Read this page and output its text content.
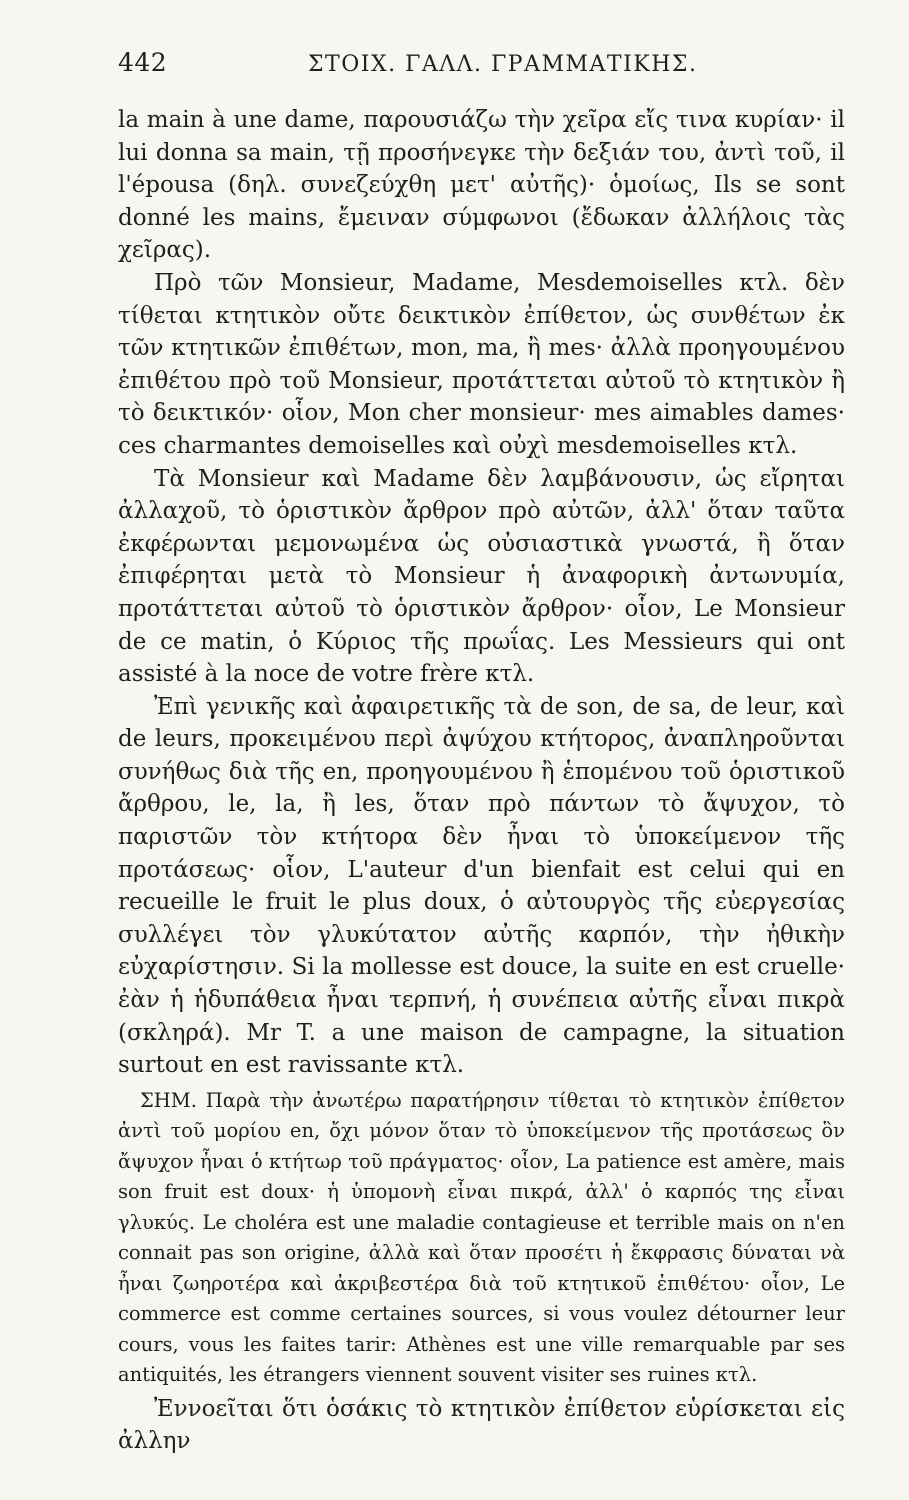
442	ΣΤΟΙΧ. ΓΑΛΛ. ΓΡΑΜΜΑΤΙΚΗΣ.

la main à une dame, παρουσιάζω τὴν χεῖρα εἴς τινα κυρίαν· il lui donna sa main, τῇ προσήνεγκε τὴν δεξιάν του, ἀντὶ τοῦ, il l'épousa (δηλ. συνεζεύχθη μετ' αὐτῆς)· ὁμοίως, Ils se sont donné les mains, ἔμειναν σύμφωνοι (ἔδωκαν ἀλλήλοις τὰς χεῖρας).

Πρὸ τῶν Monsieur, Madame, Mesdemoiselles κτλ. δὲν τίθεται κτητικὸν οὔτε δεικτικὸν ἐπίθετον, ὡς συνθέτων ἐκ τῶν κτητικῶν ἐπιθέτων, mon, ma, ἢ mes· ἀλλὰ προηγουμένου ἐπιθέτου πρὸ τοῦ Monsieur, προτάττεται αὐτοῦ τὸ κτητικὸν ἢ τὸ δεικτικόν· οἷον, Mon cher monsieur· mes aimables dames· ces charmantes demoiselles καὶ οὐχὶ mesdemoiselles κτλ.

Τὰ Monsieur καὶ Madame δὲν λαμβάνουσιν, ὡς εἴρηται ἀλλαχοῦ, τὸ ὁριστικὸν ἄρθρον πρὸ αὐτῶν, ἀλλ' ὅταν ταῦτα ἐκφέρωνται μεμονωμένα ὡς οὐσιαστικὰ γνωστά, ἢ ὅταν ἐπιφέρηται μετὰ τὸ Monsieur ἡ ἀναφορικὴ ἀντωνυμία, προτάττεται αὐτοῦ τὸ ὁριστικὸν ἄρθρον· οἷον, Le Monsieur de ce matin, ὁ Κύριος τῆς πρωΐας. Les Messieurs qui ont assisté à la noce de votre frère κτλ.

Ἐπὶ γενικῆς καὶ ἀφαιρετικῆς τὰ de son, de sa, de leur, καὶ de leurs, προκειμένου περὶ ἀψύχου κτήτορος, ἀναπληροῦνται συνήθως διὰ τῆς en, προηγουμένου ἢ ἑπομένου τοῦ ὁριστικοῦ ἄρθρου, le, la, ἢ les, ὅταν πρὸ πάντων τὸ ἄψυχον, τὸ παριστῶν τὸν κτήτορα δὲν ἦναι τὸ ὑποκείμενον τῆς προτάσεως· οἷον, L'auteur d'un bienfait est celui qui en recueille le fruit le plus doux, ὁ αὐτουργὸς τῆς εὐεργεσίας συλλέγει τὸν γλυκύτατον αὐτῆς καρπόν, τὴν ἠθικὴν εὐχαρίστησιν. Si la mollesse est douce, la suite en est cruelle· ἐὰν ἡ ἡδυπάθεια ἦναι τερπνή, ἡ συνέπεια αὐτῆς εἶναι πικρὰ (σκληρά). Mr T. a une maison de campagne, la situation surtout en est ravissante κτλ.

ΣΗΜ. Παρὰ τὴν ἀνωτέρω παρατήρησιν τίθεται τὸ κτητικὸν ἐπίθετον ἀντὶ τοῦ μορίου en, ὄχι μόνον ὅταν τὸ ὑποκείμενον τῆς προτάσεως ὃν ἄψυχον ἦναι ὁ κτήτωρ τοῦ πράγματος· οἷον, La patience est amère, mais son fruit est doux· ἡ ὑπομονὴ εἶναι πικρά, ἀλλ' ὁ καρπός της εἶναι γλυκύς. Le choléra est une maladie contagieuse et terrible mais on n'en connait pas son origine, ἀλλὰ καὶ ὅταν προσέτι ἡ ἔκφρασις δύναται νὰ ἦναι ζωηροτέρα καὶ ἀκριβεστέρα διὰ τοῦ κτητικοῦ ἐπιθέτου· οἷον, Le commerce est comme certaines sources, si vous voulez détourner leur cours, vous les faites tarir: Athènes est une ville remarquable par ses antiquités, les étrangers viennent souvent visiter ses ruines κτλ.

Ἐννοεῖται ὅτι ὁσάκις τὸ κτητικὸν ἐπίθετον εὑρίσκεται εἰς ἀλλην
